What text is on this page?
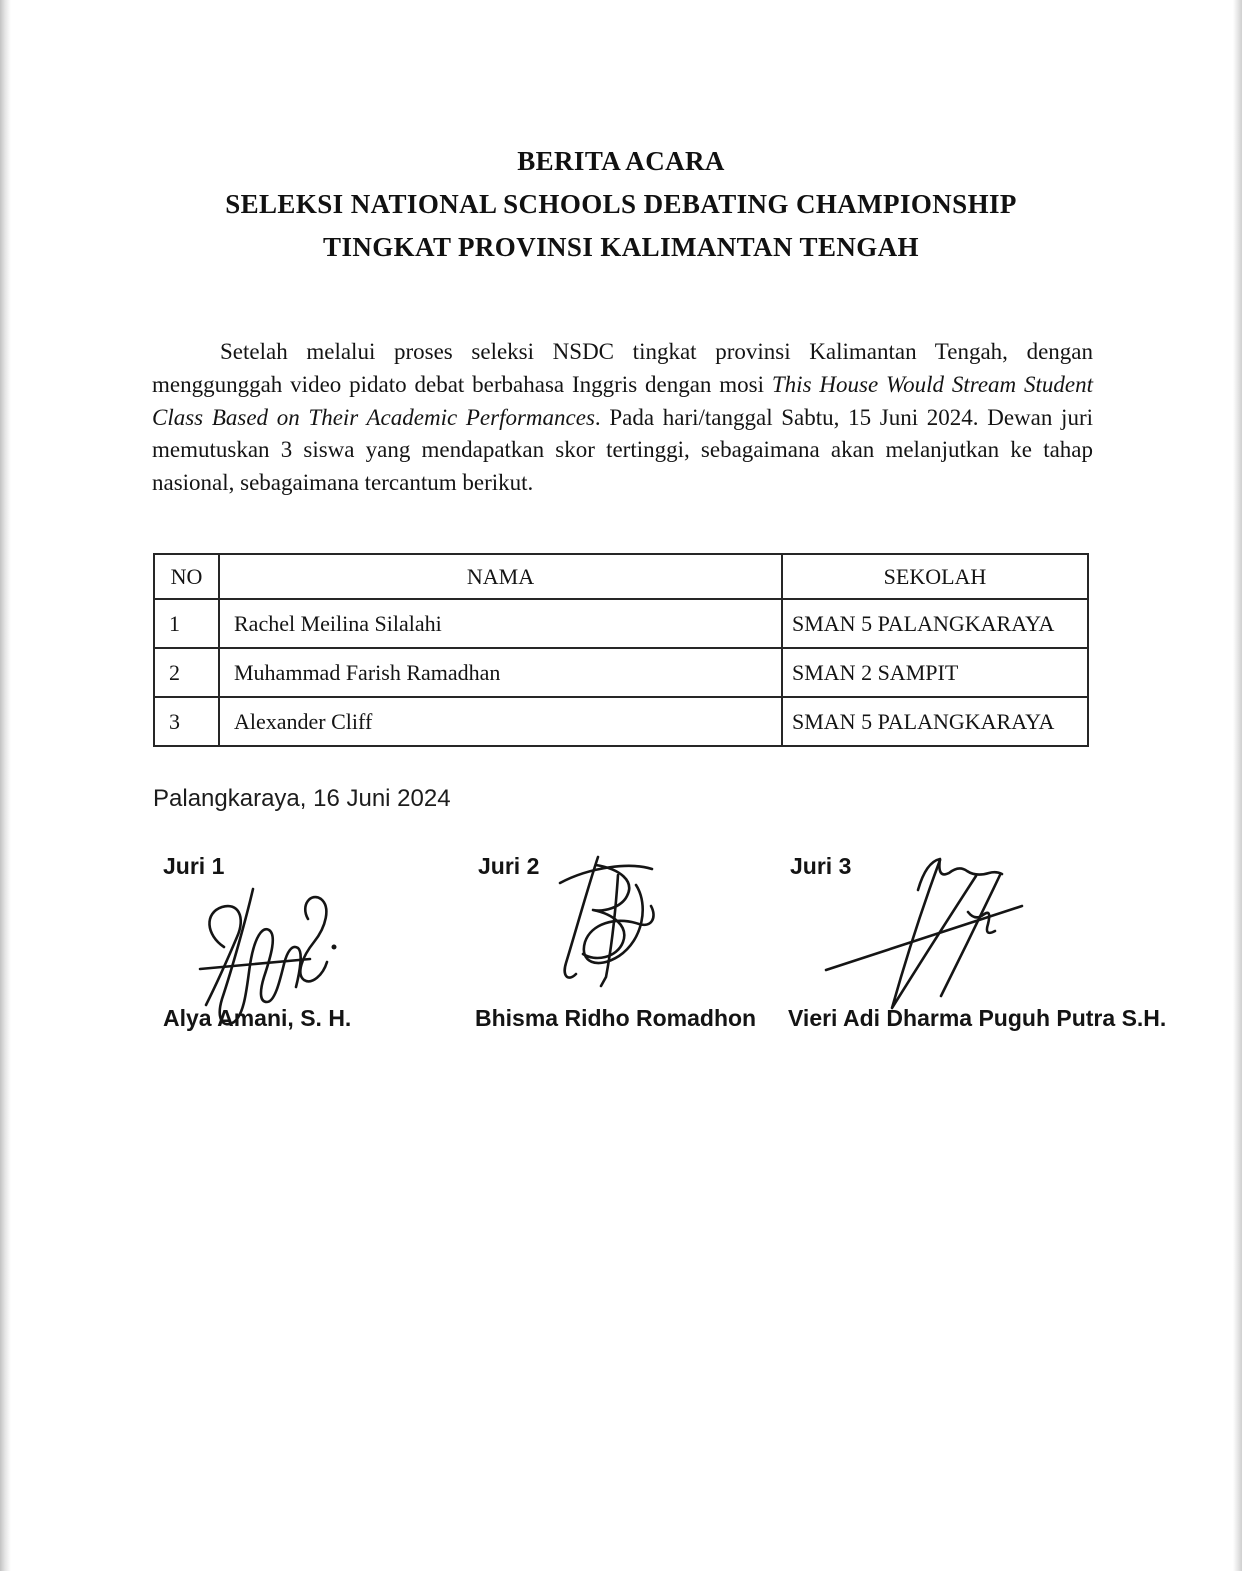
BERITA ACARA
SELEKSI NATIONAL SCHOOLS DEBATING CHAMPIONSHIP
TINGKAT PROVINSI KALIMANTAN TENGAH

Setelah melalui proses seleksi NSDC tingkat provinsi Kalimantan Tengah, dengan menggunggah video pidato debat berbahasa Inggris dengan mosi This House Would Stream Student Class Based on Their Academic Performances. Pada hari/tanggal Sabtu, 15 Juni 2024. Dewan juri memutuskan 3 siswa yang mendapatkan skor tertinggi, sebagaimana akan melanjutkan ke tahap nasional, sebagaimana tercantum berikut.

NO	NAMA	SEKOLAH
1	Rachel Meilina Silalahi	SMAN 5 PALANGKARAYA
2	Muhammad Farish Ramadhan	SMAN 2 SAMPIT
3	Alexander Cliff	SMAN 5 PALANGKARAYA
Palangkaraya, 16 Juni 2024
Juri 1	Juri 2	Juri 3
Alya Amani, S. H.	Bhisma Ridho Romadhon Vieri Adi Dharma Puguh Putra S.H.
